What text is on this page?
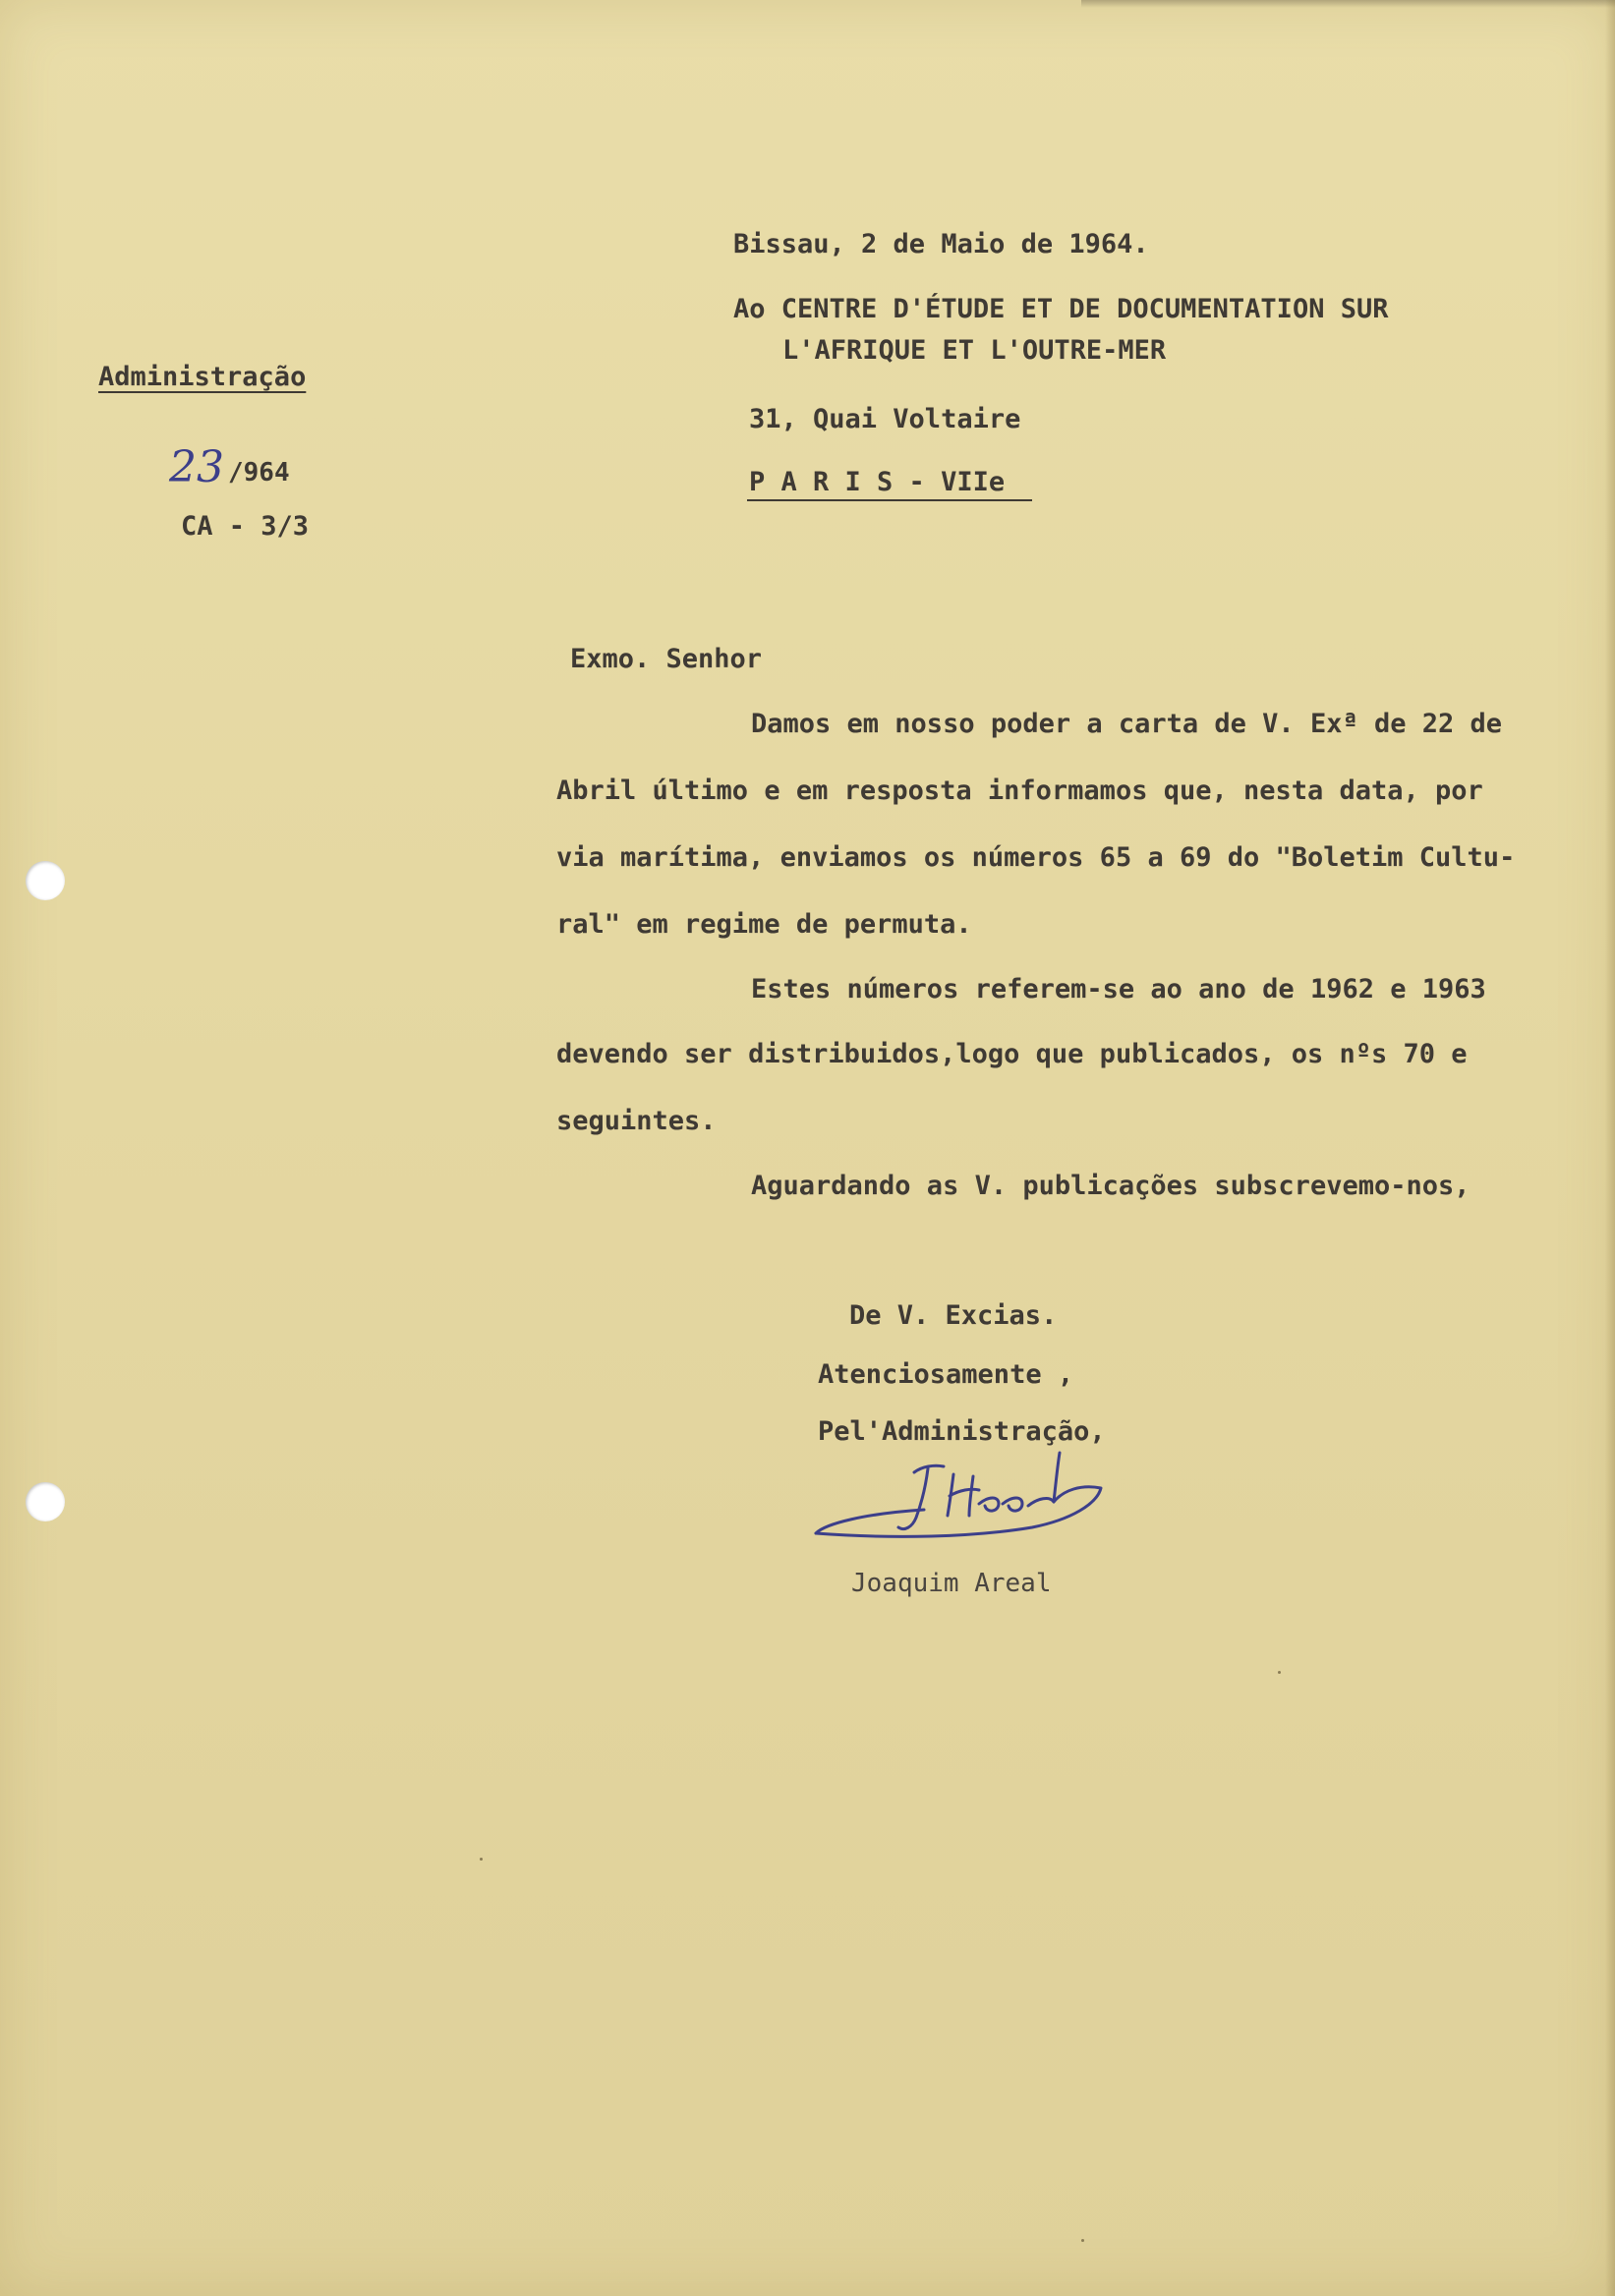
Administração
23 /964
CA - 3/3

Bissau, 2 de Maio de 1964.

Ao CENTRE D'ÉTUDE ET DE DOCUMENTATION SUR

L'AFRIQUE ET L'OUTRE-MER

31, Quai Voltaire

P A R I S - VIIe

Exmo. Senhor

Damos em nosso poder a carta de V. Exª de 22 de

Abril último e em resposta informamos que, nesta data, por

via marítima, enviamos os números 65 a 69 do "Boletim Cultu-

ral" em regime de permuta.

Estes números referem-se ao ano de 1962 e 1963

devendo ser distribuidos,logo que publicados, os nºs 70 e

seguintes.

Aguardando as V. publicações subscrevemo-nos,

De V. Excias.

Atenciosamente ,

Pel'Administração,

Joaquim Areal
